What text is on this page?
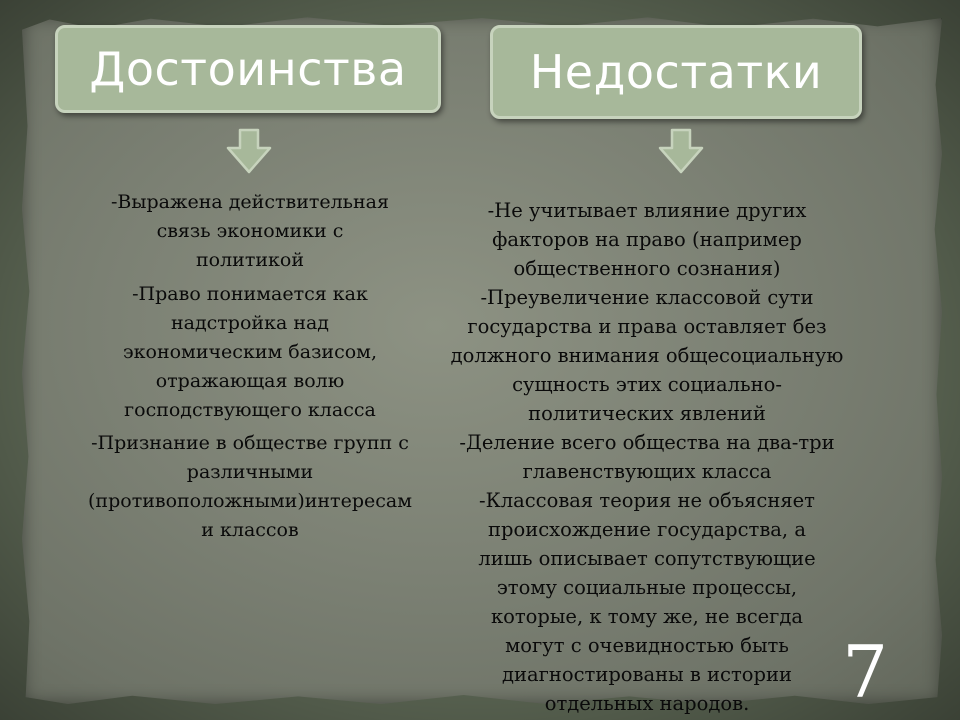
Достоинства	Недостатки
-Выражена действительная
связь экономики с
политикой
-Право понимается как
надстройка над
экономическим базисом,
отражающая волю
господствующего класса
-Признание в обществе групп с
различными
(противоположными)интересам
и классов
-Не учитывает влияние других
факторов на право (например
общественного сознания)
-Преувеличение классовой сути
государства и права оставляет без
должного внимания общесоциальную
сущность этих социально-
политических явлений
-Деление всего общества на два-три
главенствующих класса
-Классовая теория не объясняет
происхождение государства, а
лишь описывает сопутствующие
этому социальные процессы,
которые, к тому же, не всегда
могут с очевидностью быть
диагностированы в истории
отдельных народов.	7
